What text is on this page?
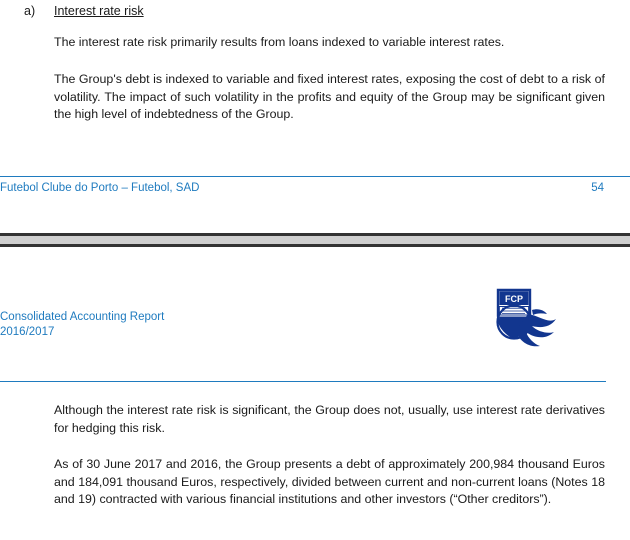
a)	Interest rate risk
The interest rate risk primarily results from loans indexed to variable interest rates.
The Group's debt is indexed to variable and fixed interest rates, exposing the cost of debt to a risk of volatility. The impact of such volatility in the profits and equity of the Group may be significant given the high level of indebtedness of the Group.
Futebol Clube do Porto – Futebol, SAD	54
Consolidated Accounting Report
2016/2017
FCP
Although the interest rate risk is significant, the Group does not, usually, use interest rate derivatives for hedging this risk.
As of 30 June 2017 and 2016, the Group presents a debt of approximately 200,984 thousand Euros and 184,091 thousand Euros, respectively, divided between current and non-current loans (Notes 18 and 19) contracted with various financial institutions and other investors (“Other creditors”).
